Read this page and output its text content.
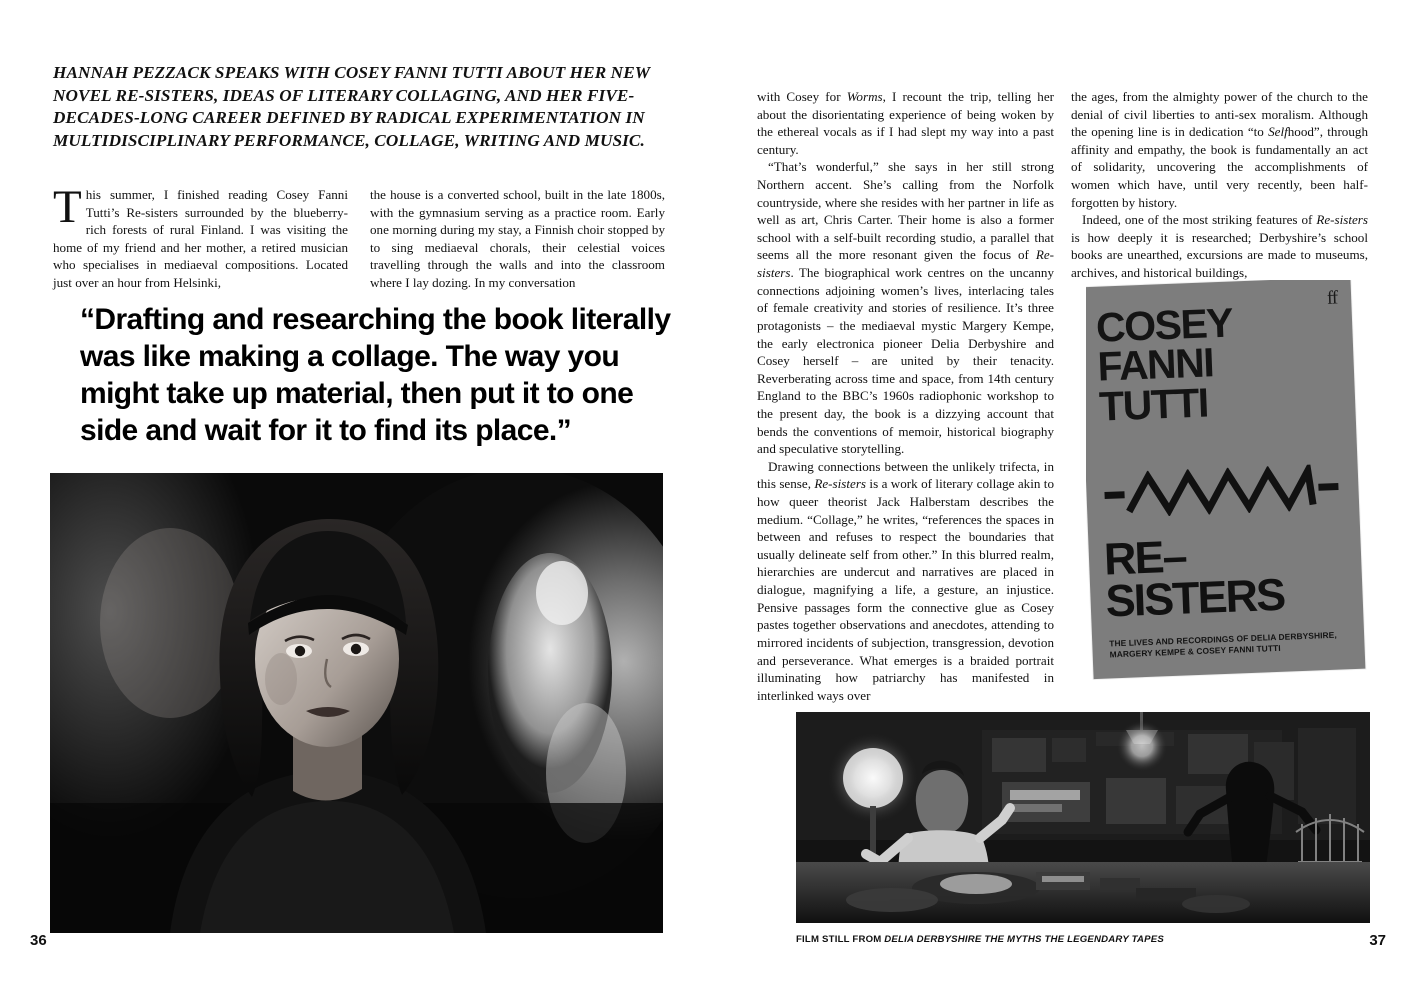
HANNAH PEZZACK SPEAKS WITH COSEY FANNI TUTTI ABOUT HER NEW NOVEL RE-SISTERS, IDEAS OF LITERARY COLLAGING, AND HER FIVE-DECADES-LONG CAREER DEFINED BY RADICAL EXPERIMENTATION IN MULTIDISCIPLINARY PERFORMANCE, COLLAGE, WRITING AND MUSIC.
T his summer, I finished reading Cosey Fanni Tutti’s Re-sisters surrounded by the blueberry-rich forests of rural Finland. I was visiting the home of my friend and her mother, a retired musician who specialises in mediaeval compositions. Located just over an hour from Helsinki,

the house is a converted school, built in the late 1800s, with the gymnasium serving as a practice room. Early one morning during my stay, a Finnish choir stopped by to sing mediaeval chorals, their celestial voices travelling through the walls and into the classroom where I lay dozing. In my conversation

“Drafting and researching the book literally was like making a collage. The way you might take up material, then put it to one side and wait for it to find its place.”
36

with Cosey for Worms, I recount the trip, telling her about the disorientating experience of being woken by the ethereal vocals as if I had slept my way into a past century.

“That’s wonderful,” she says in her still strong Northern accent. She’s calling from the Norfolk countryside, where she resides with her partner in life as well as art, Chris Carter. Their home is also a former school with a self-built recording studio, a parallel that seems all the more resonant given the focus of Re-sisters. The biographical work centres on the uncanny connections adjoining women’s lives, interlacing tales of female creativity and stories of resilience. It’s three protagonists – the mediaeval mystic Margery Kempe, the early electronica pioneer Delia Derbyshire and Cosey herself – are united by their tenacity. Reverberating across time and space, from 14th century England to the BBC’s 1960s radiophonic workshop to the present day, the book is a dizzying account that bends the conventions of memoir, historical biography and speculative storytelling.

Drawing connections between the unlikely trifecta, in this sense, Re-sisters is a work of literary collage akin to how queer theorist Jack Halberstam describes the medium. “Collage,” he writes, “references the spaces in between and refuses to respect the boundaries that usually delineate self from other.” In this blurred realm, hierarchies are undercut and narratives are placed in dialogue, magnifying a life, a gesture, an injustice. Pensive passages form the connective glue as Cosey pastes together observations and anecdotes, attending to mirrored incidents of subjection, transgression, devotion and perseverance. What emerges is a braided portrait illuminating how patriarchy has manifested in interlinked ways over

the ages, from the almighty power of the church to the denial of civil liberties to anti-sex moralism. Although the opening line is in dedication “to Selfhood”, through affinity and empathy, the book is fundamentally an act of solidarity, uncovering the accomplishments of women which have, until very recently, been half-forgotten by history.

Indeed, one of the most striking features of Re-sisters is how deeply it is researched; Derbyshire’s school books are unearthed, excursions are made to museums, archives, and historical buildings,

ff
COSEY
FANNI
TUTTI
RE–
SISTERS
THE LIVES AND RECORDINGS OF DELIA DERBYSHIRE, MARGERY KEMPE & COSEY FANNI TUTTI
FILM STILL FROM DELIA DERBYSHIRE THE MYTHS THE LEGENDARY TAPES	37
